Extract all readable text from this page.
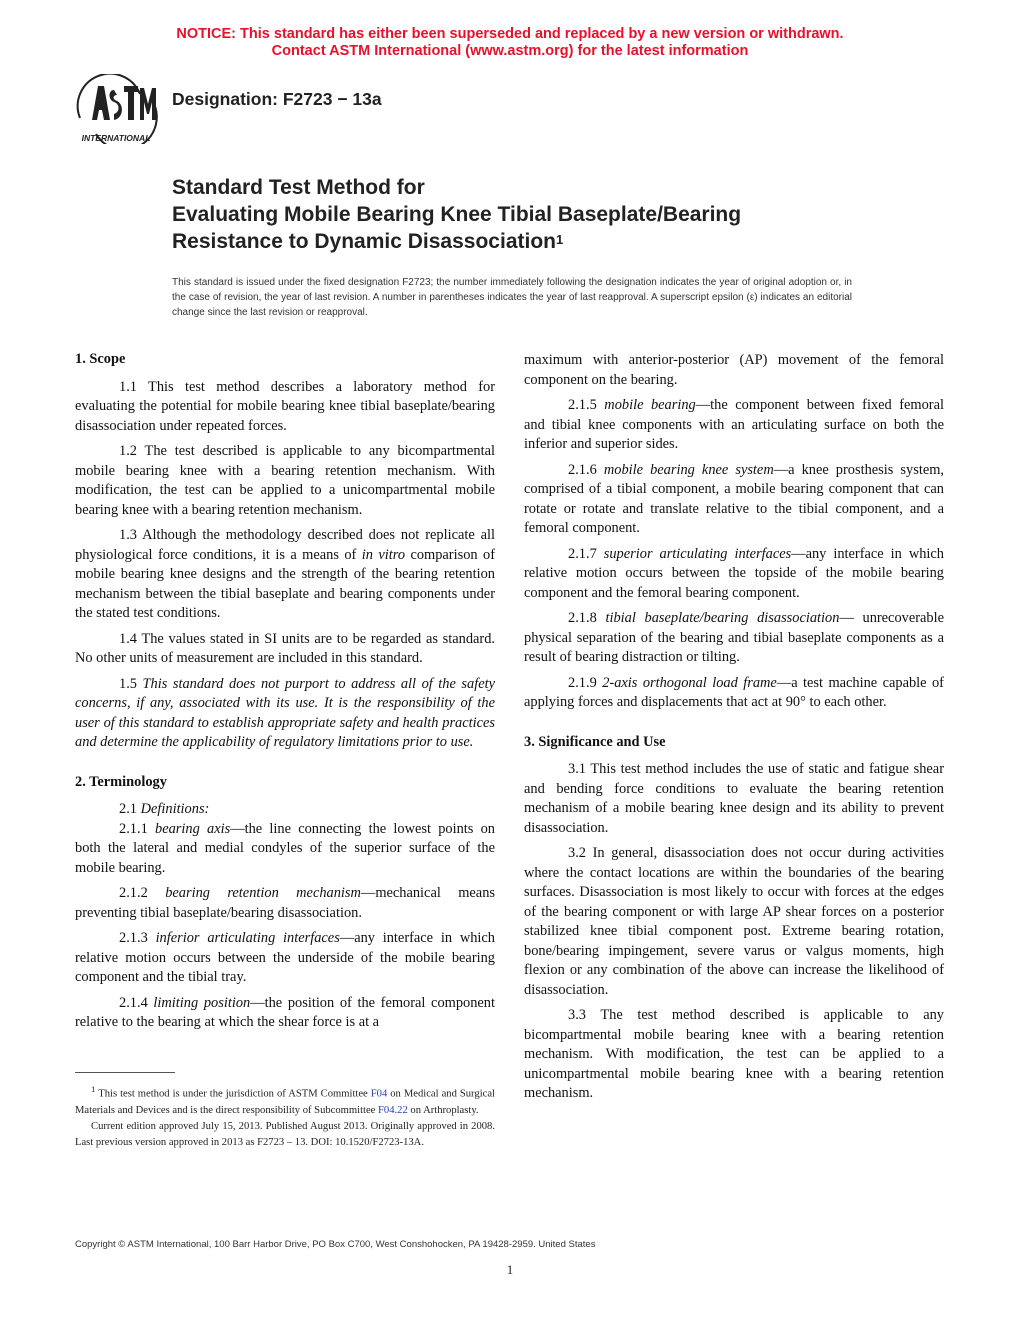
NOTICE: This standard has either been superseded and replaced by a new version or withdrawn.
Contact ASTM International (www.astm.org) for the latest information
INTERNATIONAL
Designation: F2723 − 13a
Standard Test Method for
Evaluating Mobile Bearing Knee Tibial Baseplate/Bearing
Resistance to Dynamic Disassociation$^1$
This standard is issued under the fixed designation F2723; the number immediately following the designation indicates the year of original adoption or, in the case of revision, the year of last revision. A number in parentheses indicates the year of last reapproval. A superscript epsilon (ε) indicates an editorial change since the last revision or reapproval.
1. Scope

1.1 This test method describes a laboratory method for evaluating the potential for mobile bearing knee tibial baseplate/bearing disassociation under repeated forces.

1.2 The test described is applicable to any bicompartmental mobile bearing knee with a bearing retention mechanism. With modification, the test can be applied to a unicompartmental mobile bearing knee with a bearing retention mechanism.

1.3 Although the methodology described does not replicate all physiological force conditions, it is a means of in vitro comparison of mobile bearing knee designs and the strength of the bearing retention mechanism between the tibial baseplate and bearing components under the stated test conditions.

1.4 The values stated in SI units are to be regarded as standard. No other units of measurement are included in this standard.

1.5 This standard does not purport to address all of the safety concerns, if any, associated with its use. It is the responsibility of the user of this standard to establish appropriate safety and health practices and determine the applicability of regulatory limitations prior to use.

2. Terminology

2.1 Definitions:

2.1.1 bearing axis—the line connecting the lowest points on both the lateral and medial condyles of the superior surface of the mobile bearing.

2.1.2 bearing retention mechanism—mechanical means preventing tibial baseplate/bearing disassociation.

2.1.3 inferior articulating interfaces—any interface in which relative motion occurs between the underside of the mobile bearing component and the tibial tray.

2.1.4 limiting position—the position of the femoral component relative to the bearing at which the shear force is at a

maximum with anterior-posterior (AP) movement of the femoral component on the bearing.

2.1.5 mobile bearing—the component between fixed femoral and tibial knee components with an articulating surface on both the inferior and superior sides.

2.1.6 mobile bearing knee system—a knee prosthesis system, comprised of a tibial component, a mobile bearing component that can rotate or rotate and translate relative to the tibial component, and a femoral component.

2.1.7 superior articulating interfaces—any interface in which relative motion occurs between the topside of the mobile bearing component and the femoral bearing component.

2.1.8 tibial baseplate/bearing disassociation— unrecoverable physical separation of the bearing and tibial baseplate components as a result of bearing distraction or tilting.

2.1.9 2-axis orthogonal load frame—a test machine capable of applying forces and displacements that act at 90° to each other.

3. Significance and Use

3.1 This test method includes the use of static and fatigue shear and bending force conditions to evaluate the bearing retention mechanism of a mobile bearing knee design and its ability to prevent disassociation.

3.2 In general, disassociation does not occur during activities where the contact locations are within the boundaries of the bearing surfaces. Disassociation is most likely to occur with forces at the edges of the bearing component or with large AP shear forces on a posterior stabilized knee tibial component post. Extreme bearing rotation, bone/bearing impingement, severe varus or valgus moments, high flexion or any combination of the above can increase the likelihood of disassociation.

3.3 The test method described is applicable to any bicompartmental mobile bearing knee with a bearing retention mechanism. With modification, the test can be applied to a unicompartmental mobile bearing knee with a bearing retention mechanism.

$^1$ This test method is under the jurisdiction of ASTM Committee F04 on Medical and Surgical Materials and Devices and is the direct responsibility of Subcommittee F04.22 on Arthroplasty.

Current edition approved July 15, 2013. Published August 2013. Originally approved in 2008. Last previous version approved in 2013 as F2723 – 13. DOI: 10.1520/F2723-13A.

Copyright © ASTM International, 100 Barr Harbor Drive, PO Box C700, West Conshohocken, PA 19428-2959. United States
1
